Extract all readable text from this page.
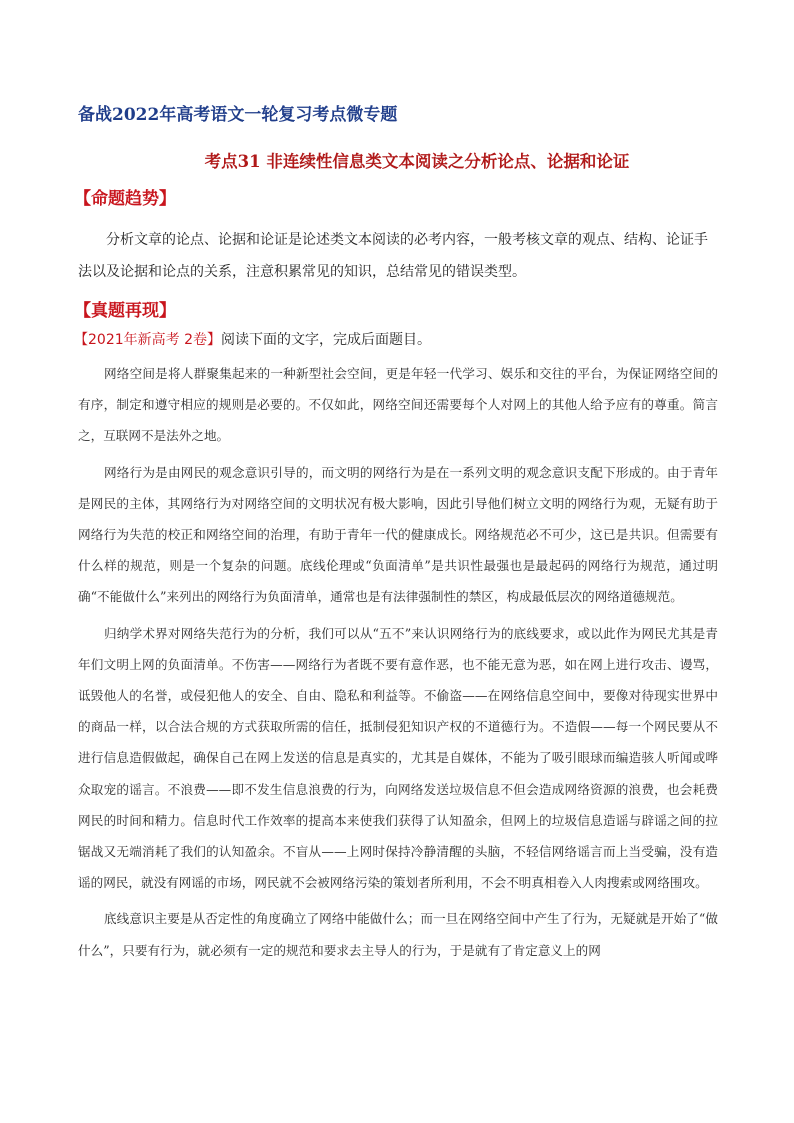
备战2022年高考语文一轮复习考点微专题
考点31 非连续性信息类文本阅读之分析论点、论据和论证
【命题趋势】
分析文章的论点、论据和论证是论述类文本阅读的必考内容，一般考核文章的观点、结构、论证手法以及论据和论点的关系，注意积累常见的知识，总结常见的错误类型。
【真题再现】
【2021年新高考 2卷】阅读下面的文字，完成后面题目。

网络空间是将人群聚集起来的一种新型社会空间，更是年轻一代学习、娱乐和交往的平台，为保证网络空间的有序，制定和遵守相应的规则是必要的。不仅如此，网络空间还需要每个人对网上的其他人给予应有的尊重。简言之，互联网不是法外之地。

网络行为是由网民的观念意识引导的，而文明的网络行为是在一系列文明的观念意识支配下形成的。由于青年是网民的主体，其网络行为对网络空间的文明状况有极大影响，因此引导他们树立文明的网络行为观，无疑有助于网络行为失范的校正和网络空间的治理，有助于青年一代的健康成长。网络规范必不可少，这已是共识。但需要有什么样的规范，则是一个复杂的问题。底线伦理或“负面清单”是共识性最强也是最起码的网络行为规范，通过明确“不能做什么”来列出的网络行为负面清单，通常也是有法律强制性的禁区，构成最低层次的网络道德规范。

归纳学术界对网络失范行为的分析，我们可以从“五不”来认识网络行为的底线要求，或以此作为网民尤其是青年们文明上网的负面清单。不伤害——网络行为者既不要有意作恶，也不能无意为恶，如在网上进行攻击、谩骂，诋毁他人的名誉，或侵犯他人的安全、自由、隐私和利益等。不偷盗——在网络信息空间中，要像对待现实世界中的商品一样，以合法合规的方式获取所需的信任，抵制侵犯知识产权的不道德行为。不造假——每一个网民要从不进行信息造假做起，确保自己在网上发送的信息是真实的，尤其是自媒体，不能为了吸引眼球而编造骇人听闻或哗众取宠的谣言。不浪费——即不发生信息浪费的行为，向网络发送垃圾信息不但会造成网络资源的浪费，也会耗费网民的时间和精力。信息时代工作效率的提高本来使我们获得了认知盈余，但网上的垃圾信息造谣与辟谣之间的拉锯战又无端消耗了我们的认知盈余。不盲从——上网时保持冷静清醒的头脑，不轻信网络谣言而上当受骗，没有造谣的网民，就没有网谣的市场，网民就不会被网络污染的策划者所利用，不会不明真相卷入人肉搜索或网络围攻。

底线意识主要是从否定性的角度确立了网络中能做什么；而一旦在网络空间中产生了行为，无疑就是开始了“做什么”，只要有行为，就必须有一定的规范和要求去主导人的行为，于是就有了肯定意义上的网
